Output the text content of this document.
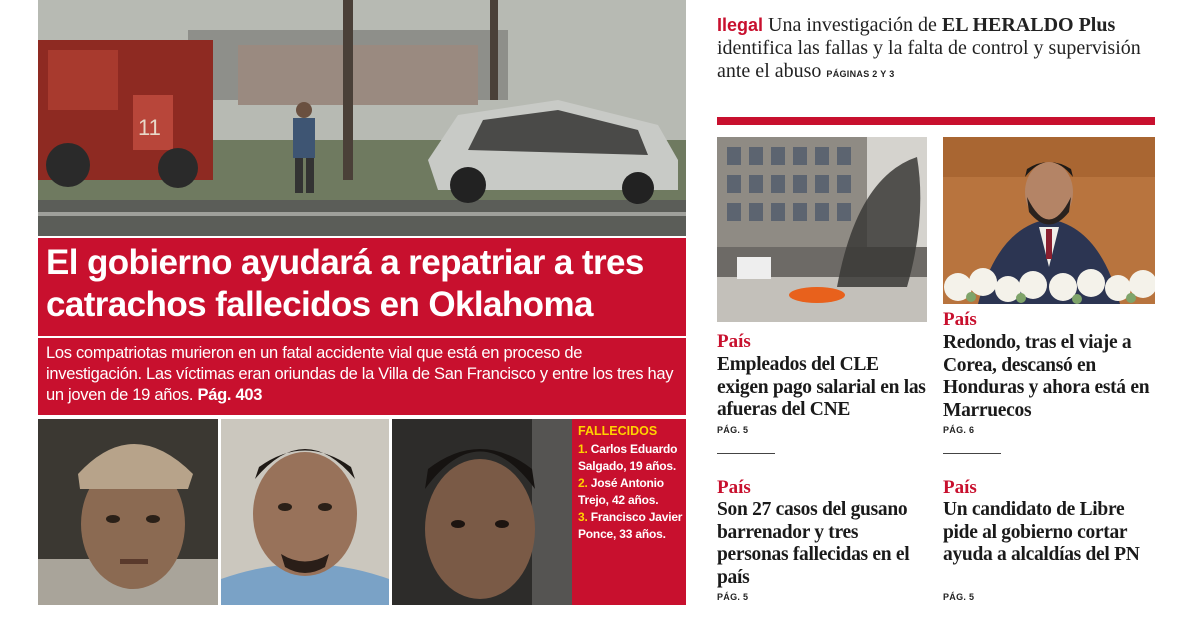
11
El gobierno ayudará a repatriar a tres catrachos fallecidos en Oklahoma
Los compatriotas murieron en un fatal accidente vial que está en proceso de investigación. Las víctimas eran oriundas de la Villa de San Francisco y entre los tres hay un joven de 19 años. Pág. 403
FALLECIDOS
1. Carlos Eduardo Salgado, 19 años.
2. José Antonio Trejo, 42 años.
3. Francisco Javier Ponce, 33 años.
Ilegal Una investigación de EL HERALDO Plus identifica las fallas y la falta de control y supervisión ante el abuso PÁGINAS 2 Y 3
País
Empleados del CLE exigen pago salarial en las afueras del CNE
PÁG. 5
País
Redondo, tras el viaje a Corea, descansó en Honduras y ahora está en Marruecos
PÁG. 6
País
Son 27 casos del gusano barrenador y tres personas fallecidas en el país
PÁG. 5
País
Un candidato de Libre pide al gobierno cortar ayuda a alcaldías del PN
PÁG. 5
